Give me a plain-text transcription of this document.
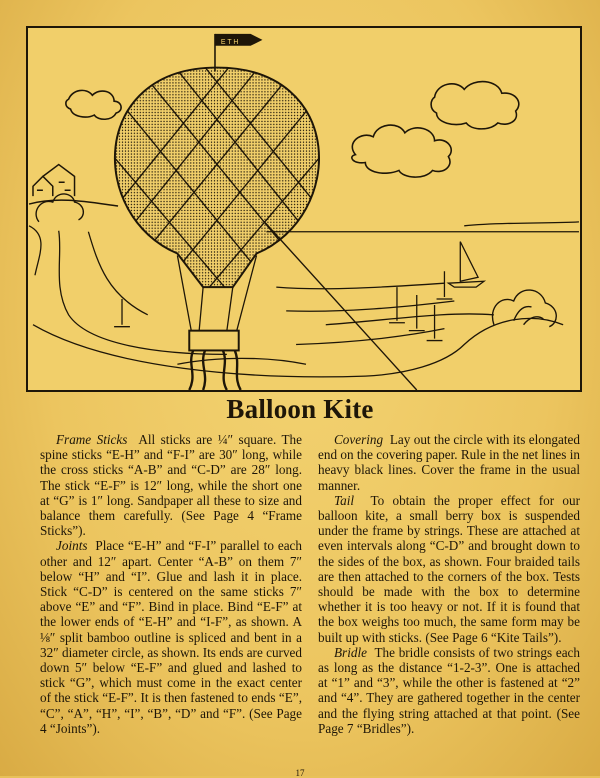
E T H
Balloon Kite

Frame Sticks All sticks are ¼″ square. The spine sticks “E-H” and “F-I” are 30″ long, while the cross sticks “A-B” and “C-D” are 28″ long. The stick “E-F” is 12″ long, while the short one at “G” is 1″ long. Sandpaper all these to size and balance them carefully. (See Page 4 “Frame Sticks”).

Joints Place “E-H” and “F-I” parallel to each other and 12″ apart. Center “A-B” on them 7″ below “H” and “I”. Glue and lash it in place. Stick “C-D” is centered on the same sticks 7″ above “E” and “F”. Bind in place. Bind “E-F” at the lower ends of “E-H” and “I-F”, as shown. A ⅛″ split bamboo outline is spliced and bent in a 32″ diameter circle, as shown. Its ends are curved down 5″ below “E-F” and glued and lashed to stick “G”, which must come in the exact center of the stick “E-F”. It is then fastened to ends “E”, “C”, “A”, “H”, “I”, “B”, “D” and “F”. (See Page 4 “Joints”).

Covering Lay out the circle with its elongated end on the covering paper. Rule in the net lines in heavy black lines. Cover the frame in the usual manner.

Tail To obtain the proper effect for our balloon kite, a small berry box is suspended under the frame by strings. These are attached at even intervals along “C-D” and brought down to the sides of the box, as shown. Four braided tails are then attached to the corners of the box. Tests should be made with the box to determine whether it is too heavy or not. If it is found that the box weighs too much, the same form may be built up with sticks. (See Page 6 “Kite Tails”).

Bridle The bridle consists of two strings each as long as the distance “1-2-3”. One is attached at “1” and “3”, while the other is fastened at “2” and “4”. They are gathered together in the center and the flying string attached at that point. (See Page 7 “Bridles”).

17
